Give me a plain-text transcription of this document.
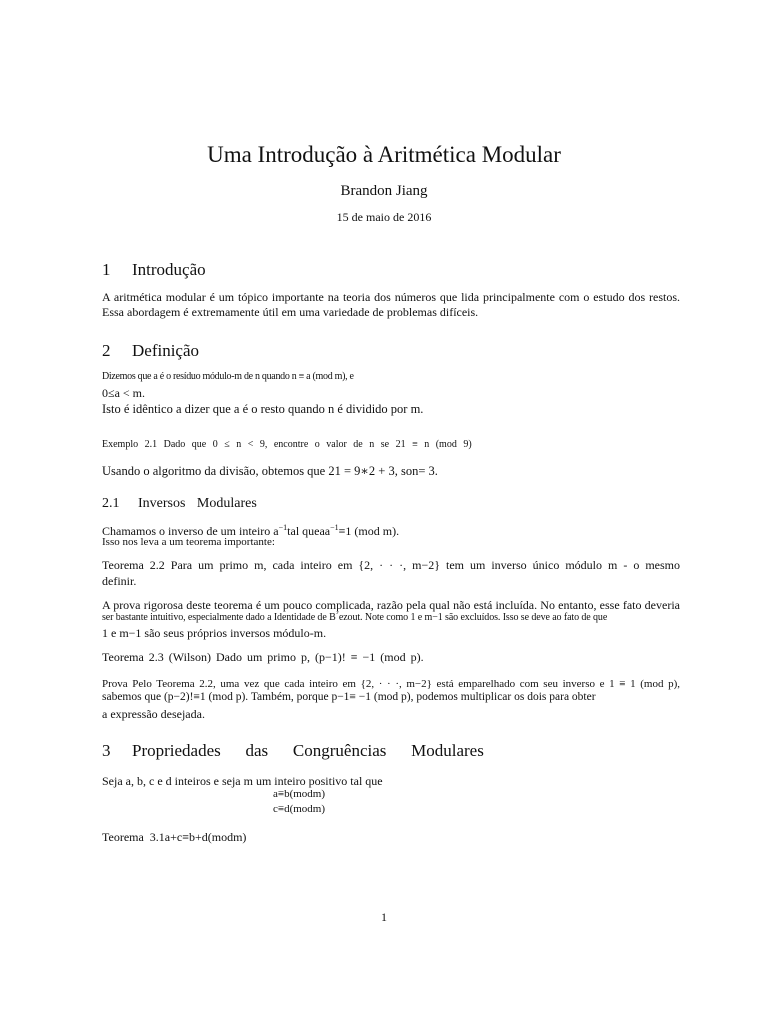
Uma Introdução à Aritmética Modular
Brandon Jiang
15 de maio de 2016
1 Introdução
A aritmética modular é um tópico importante na teoria dos números que lida principalmente com o estudo dos restos.
Essa abordagem é extremamente útil em uma variedade de problemas difíceis.
2 Definição
Dizemos que a é o resíduo módulo-m de n quando n ≡ a (mod m), e
0≤a < m.
Isto é idêntico a dizer que a é o resto quando n é dividido por m.
Exemplo 2.1 Dado que 0 ≤ n < 9, encontre o valor de n se 21 ≡ n (mod 9)
Usando o algoritmo da divisão, obtemos que 21 = 9∗2 + 3, son= 3.
2.1 Inversos Modulares
Chamamos o inverso de um inteiro $a^{-1}tal$ queaa$^{-1}$≡1 (mod m).
Isso nos leva a um teorema importante:
Teorema 2.2 Para um primo m, cada inteiro em {2, · · ·, m−2} tem um inverso único módulo m - o mesmo
definir.
A prova rigorosa deste teorema é um pouco complicada, razão pela qual não está incluída. No entanto, esse fato deveria
ser bastante intuitivo, especialmente dado a Identidade de B´ezout. Note como 1 e m−1 são excluídos. Isso se deve ao fato de que
1 e m−1 são seus próprios inversos módulo-m.
Teorema 2.3 (Wilson) Dado um primo p, (p−1)! ≡ −1 (mod p).
Prova Pelo Teorema 2.2, uma vez que cada inteiro em {2, · · ·, m−2} está emparelhado com seu inverso e 1 ≡ 1 (mod p),
sabemos que (p−2)!≡1 (mod p). Também, porque p−1≡ −1 (mod p), podemos multiplicar os dois para obter
a expressão desejada.
3 Propriedades   das   Congruências   Modulares
Seja a, b, c e d inteiros e seja m um inteiro positivo tal que
a≡b(modm)
c≡d(modm)
Teorema  3.1a+c≡b+d(modm)
1
